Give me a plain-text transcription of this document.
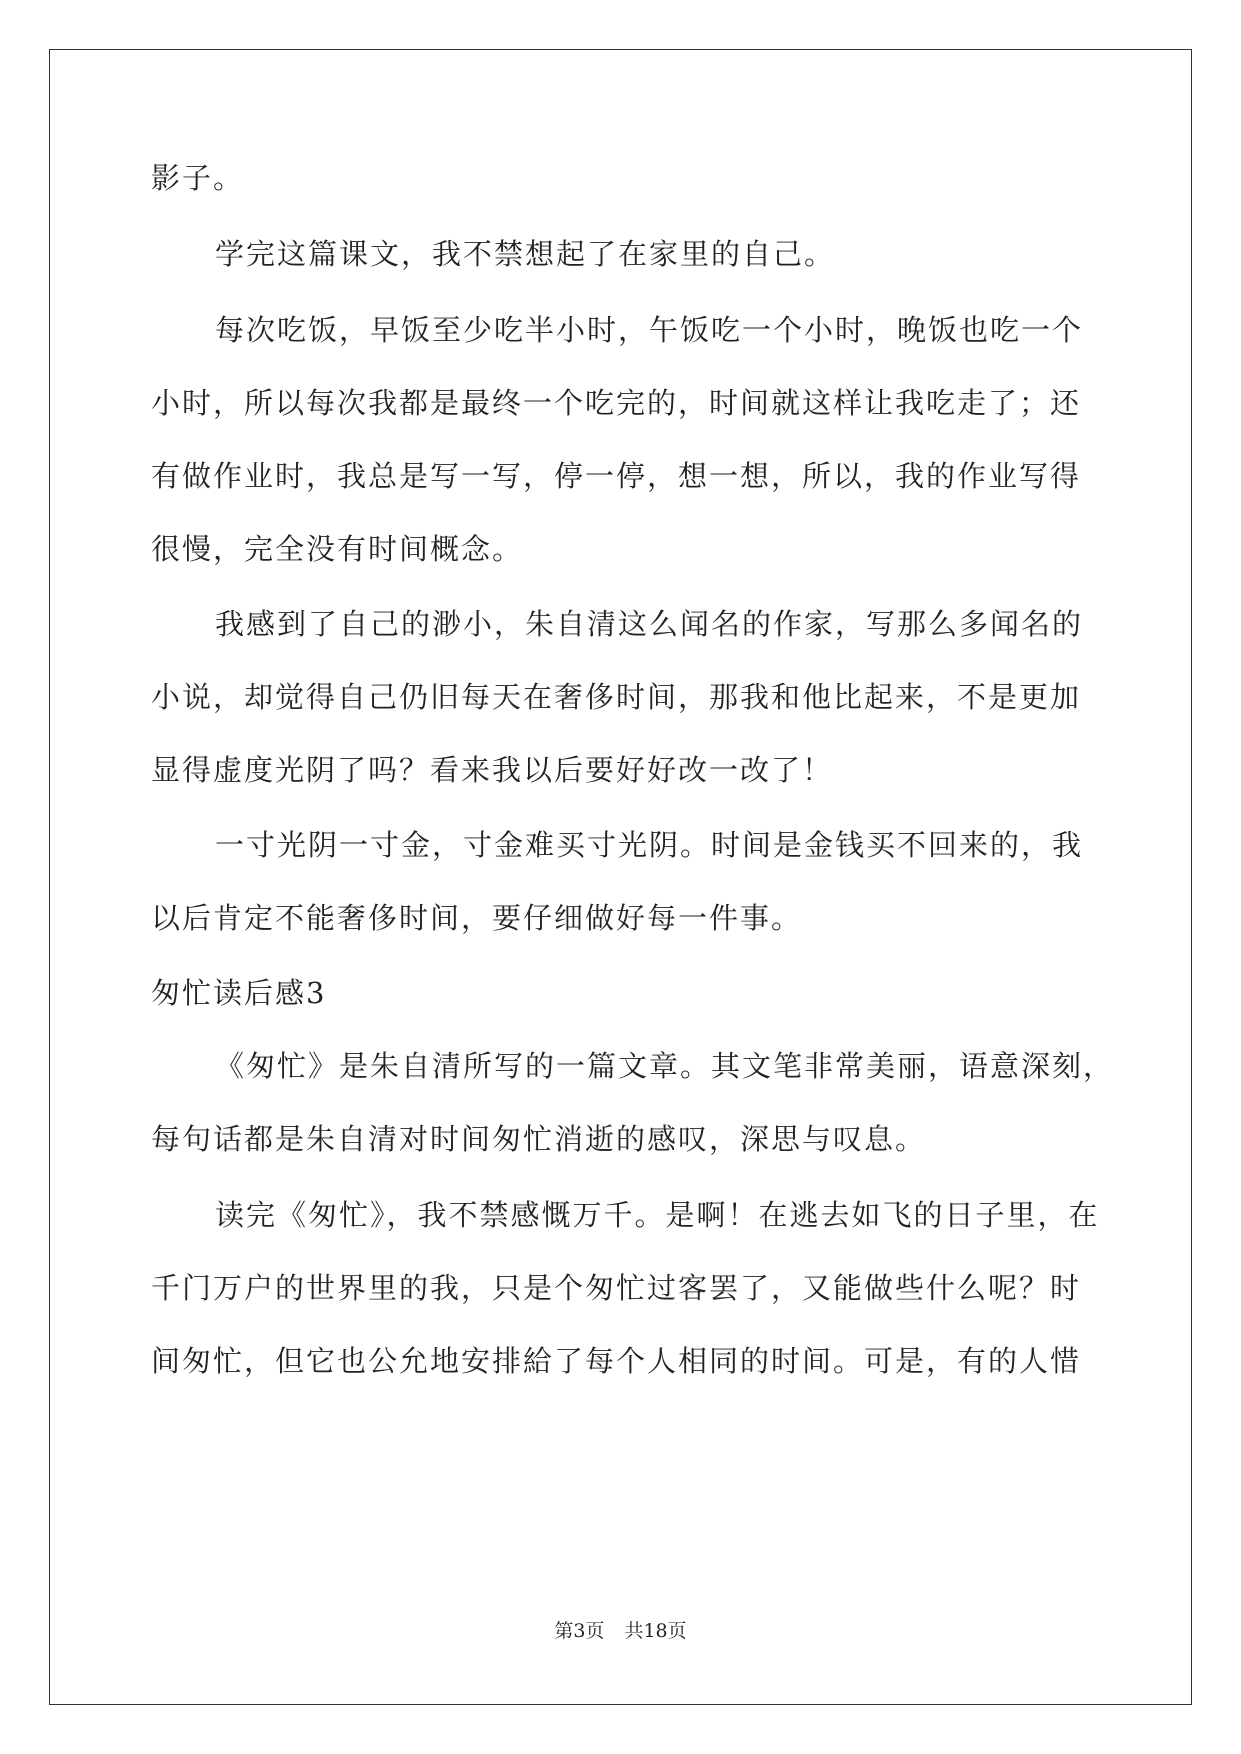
影子。
学完这篇课文，我不禁想起了在家里的自己。
每次吃饭，早饭至少吃半小时，午饭吃一个小时，晚饭也吃一个
小时，所以每次我都是最终一个吃完的，时间就这样让我吃走了；还
有做作业时，我总是写一写，停一停，想一想，所以，我的作业写得
很慢，完全没有时间概念。
我感到了自己的渺小，朱自清这么闻名的作家，写那么多闻名的
小说，却觉得自己仍旧每天在奢侈时间，那我和他比起来，不是更加
显得虚度光阴了吗？看来我以后要好好改一改了！
一寸光阴一寸金，寸金难买寸光阴。时间是金钱买不回来的，我
以后肯定不能奢侈时间，要仔细做好每一件事。
匆忙读后感3
《匆忙》是朱自清所写的一篇文章。其文笔非常美丽，语意深刻，
每句话都是朱自清对时间匆忙消逝的感叹，深思与叹息。
读完《匆忙》，我不禁感慨万千。是啊！在逃去如飞的日子里，在
千门万户的世界里的我，只是个匆忙过客罢了，又能做些什么呢？时
间匆忙，但它也公允地安排給了每个人相同的时间。可是，有的人惜
第3页 共18页
